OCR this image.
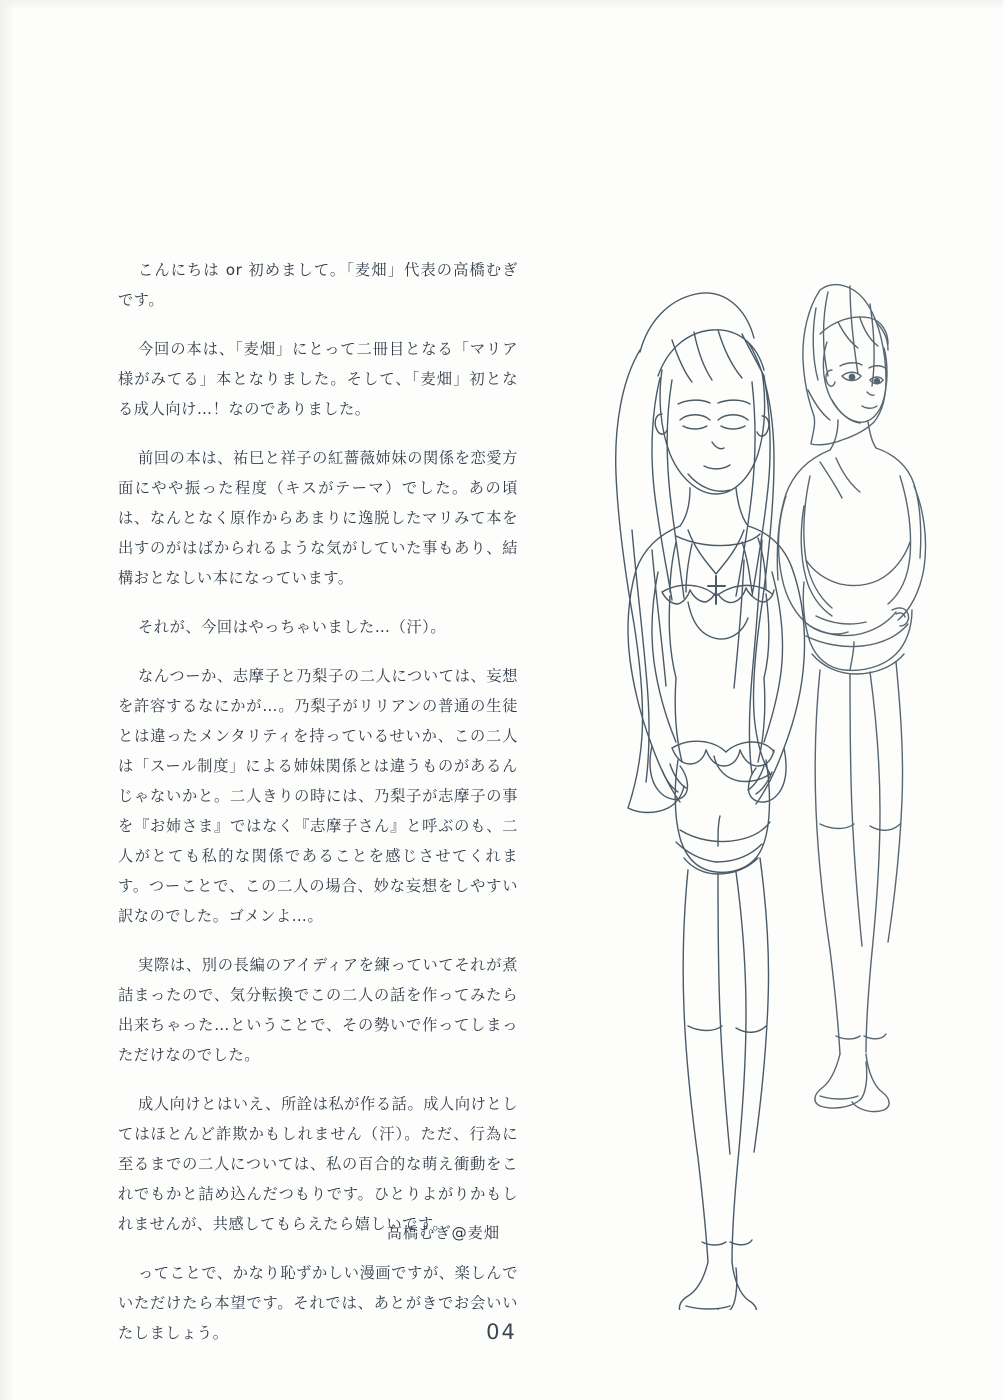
こんにちは or 初めまして。「麦畑」代表の高橋むぎです。

今回の本は、「麦畑」にとって二冊目となる「マリア様がみてる」本となりました。そして、「麦畑」初となる成人向け…！なのでありました。

前回の本は、祐巳と祥子の紅薔薇姉妹の関係を恋愛方面にやや振った程度（キスがテーマ）でした。あの頃は、なんとなく原作からあまりに逸脱したマリみて本を出すのがはばかられるような気がしていた事もあり、結構おとなしい本になっています。

それが、今回はやっちゃいました…（汗）。

なんつーか、志摩子と乃梨子の二人については、妄想を許容するなにかが…。乃梨子がリリアンの普通の生徒とは違ったメンタリティを持っているせいか、この二人は「スール制度」による姉妹関係とは違うものがあるんじゃないかと。二人きりの時には、乃梨子が志摩子の事を『お姉さま』ではなく『志摩子さん』と呼ぶのも、二人がとても私的な関係であることを感じさせてくれます。つーことで、この二人の場合、妙な妄想をしやすい訳なのでした。ゴメンよ…。

実際は、別の長編のアイディアを練っていてそれが煮詰まったので、気分転換でこの二人の話を作ってみたら出来ちゃった…ということで、その勢いで作ってしまっただけなのでした。

成人向けとはいえ、所詮は私が作る話。成人向けとしてはほとんど詐欺かもしれません（汗）。ただ、行為に至るまでの二人については、私の百合的な萌え衝動をこれでもかと詰め込んだつもりです。ひとりよがりかもしれませんが、共感してもらえたら嬉しいです。

ってことで、かなり恥ずかしい漫画ですが、楽しんでいただけたら本望です。それでは、あとがきでお会いいたしましょう。

高橋むぎ@麦畑
04
